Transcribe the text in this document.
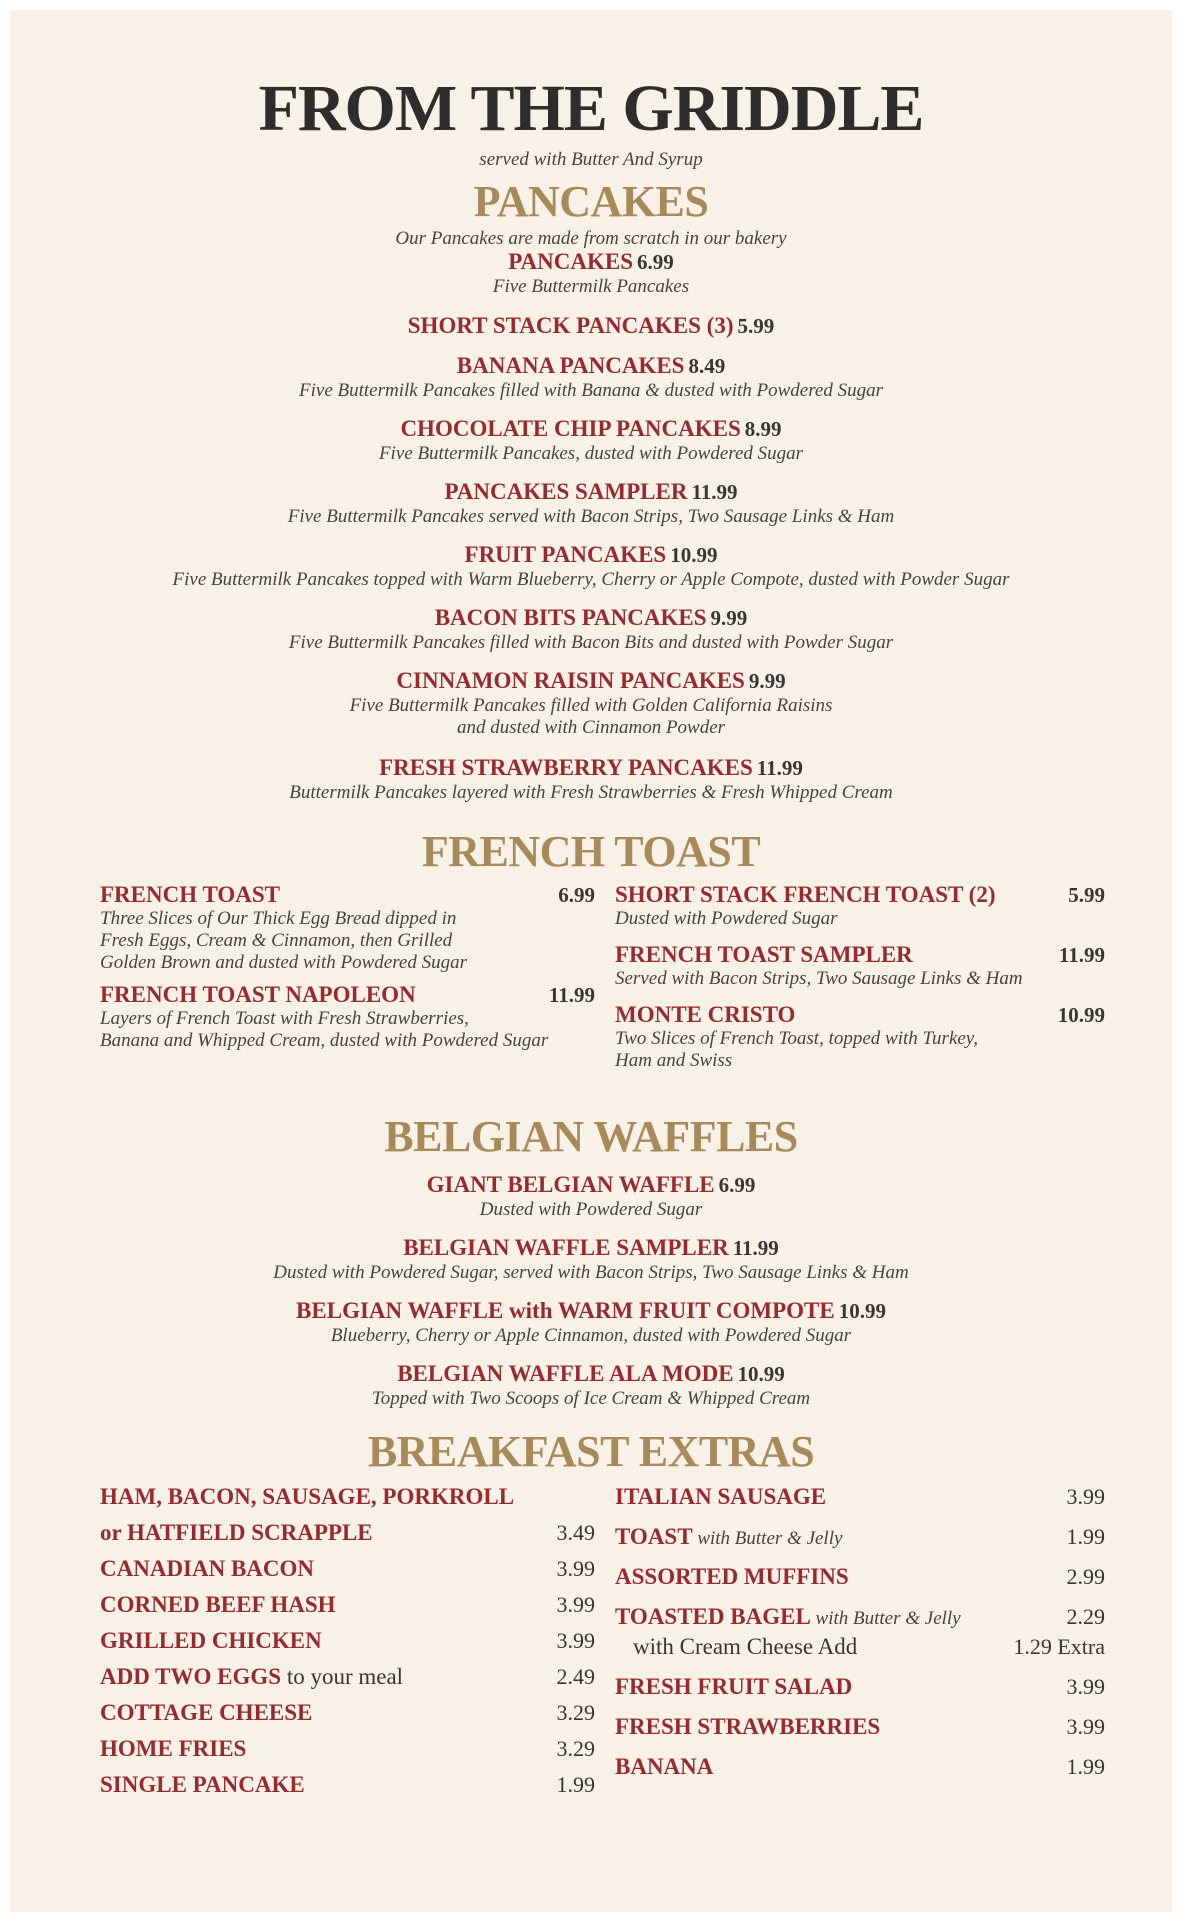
FROM THE GRIDDLE
served with Butter And Syrup
PANCAKES
Our Pancakes are made from scratch in our bakery
PANCAKES 6.99
Five Buttermilk Pancakes
SHORT STACK PANCAKES (3) 5.99
BANANA PANCAKES 8.49
Five Buttermilk Pancakes filled with Banana & dusted with Powdered Sugar
CHOCOLATE CHIP PANCAKES 8.99
Five Buttermilk Pancakes, dusted with Powdered Sugar
PANCAKES SAMPLER 11.99
Five Buttermilk Pancakes served with Bacon Strips, Two Sausage Links & Ham
FRUIT PANCAKES 10.99
Five Buttermilk Pancakes topped with Warm Blueberry, Cherry or Apple Compote, dusted with Powder Sugar
BACON BITS PANCAKES 9.99
Five Buttermilk Pancakes filled with Bacon Bits and dusted with Powder Sugar
CINNAMON RAISIN PANCAKES 9.99
Five Buttermilk Pancakes filled with Golden California Raisins
and dusted with Cinnamon Powder
FRESH STRAWBERRY PANCAKES 11.99
Buttermilk Pancakes layered with Fresh Strawberries & Fresh Whipped Cream
FRENCH TOAST
FRENCH TOAST	6.99
Three Slices of Our Thick Egg Bread dipped in
Fresh Eggs, Cream & Cinnamon, then Grilled
Golden Brown and dusted with Powdered Sugar
FRENCH TOAST NAPOLEON	11.99
Layers of French Toast with Fresh Strawberries,
Banana and Whipped Cream, dusted with Powdered Sugar
SHORT STACK FRENCH TOAST (2)	5.99
Dusted with Powdered Sugar
FRENCH TOAST SAMPLER	11.99
Served with Bacon Strips, Two Sausage Links & Ham
MONTE CRISTO	10.99
Two Slices of French Toast, topped with Turkey,
Ham and Swiss
BELGIAN WAFFLES
GIANT BELGIAN WAFFLE 6.99
Dusted with Powdered Sugar
BELGIAN WAFFLE SAMPLER 11.99
Dusted with Powdered Sugar, served with Bacon Strips, Two Sausage Links & Ham
BELGIAN WAFFLE with WARM FRUIT COMPOTE 10.99
Blueberry, Cherry or Apple Cinnamon, dusted with Powdered Sugar
BELGIAN WAFFLE ALA MODE 10.99
Topped with Two Scoops of Ice Cream & Whipped Cream
BREAKFAST EXTRAS
HAM, BACON, SAUSAGE, PORKROLL
or HATFIELD SCRAPPLE	3.49
CANADIAN BACON	3.99
CORNED BEEF HASH	3.99
GRILLED CHICKEN	3.99
ADD TWO EGGS to your meal	2.49
COTTAGE CHEESE	3.29
HOME FRIES	3.29
SINGLE PANCAKE	1.99
ITALIAN SAUSAGE	3.99
TOAST with Butter & Jelly	1.99
ASSORTED MUFFINS	2.99
TOASTED BAGEL with Butter & Jelly	2.29
with Cream Cheese Add	1.29 Extra
FRESH FRUIT SALAD	3.99
FRESH STRAWBERRIES	3.99
BANANA	1.99
